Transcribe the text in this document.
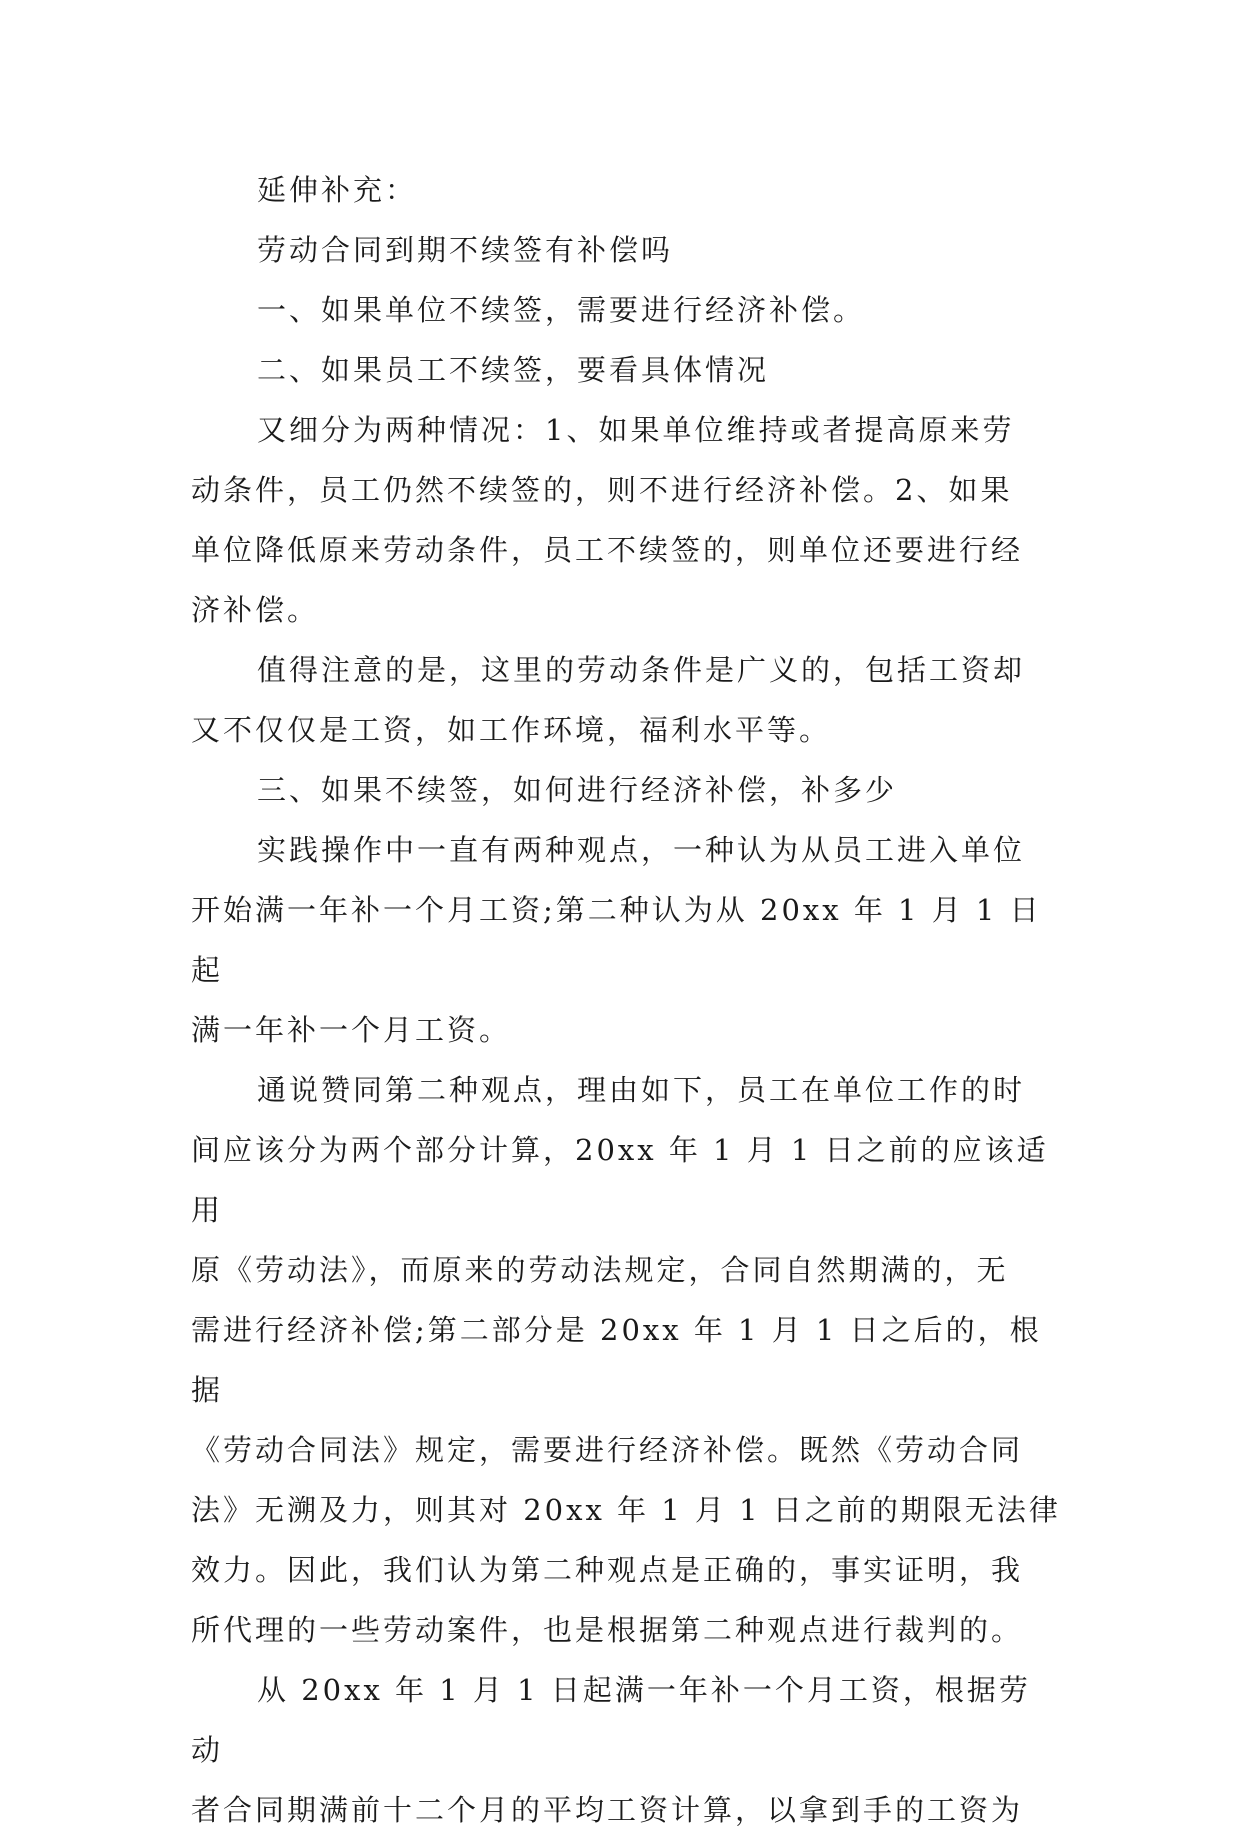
延伸补充：

劳动合同到期不续签有补偿吗

一、如果单位不续签，需要进行经济补偿。

二、如果员工不续签，要看具体情况

又细分为两种情况：1、如果单位维持或者提高原来劳

动条件，员工仍然不续签的，则不进行经济补偿。2、如果

单位降低原来劳动条件，员工不续签的，则单位还要进行经

济补偿。

值得注意的是，这里的劳动条件是广义的，包括工资却

又不仅仅是工资，如工作环境，福利水平等。

三、如果不续签，如何进行经济补偿，补多少

实践操作中一直有两种观点，一种认为从员工进入单位

开始满一年补一个月工资;第二种认为从 20xx 年 1 月 1 日起

满一年补一个月工资。

通说赞同第二种观点，理由如下，员工在单位工作的时

间应该分为两个部分计算，20xx 年 1 月 1 日之前的应该适用

原《劳动法》，而原来的劳动法规定，合同自然期满的，无

需进行经济补偿;第二部分是 20xx 年 1 月 1 日之后的，根据

《劳动合同法》规定，需要进行经济补偿。既然《劳动合同

法》无溯及力，则其对 20xx 年 1 月 1 日之前的期限无法律

效力。因此，我们认为第二种观点是正确的，事实证明，我

所代理的一些劳动案件，也是根据第二种观点进行裁判的。

从 20xx 年 1 月 1 日起满一年补一个月工资，根据劳动

者合同期满前十二个月的平均工资计算，以拿到手的工资为
